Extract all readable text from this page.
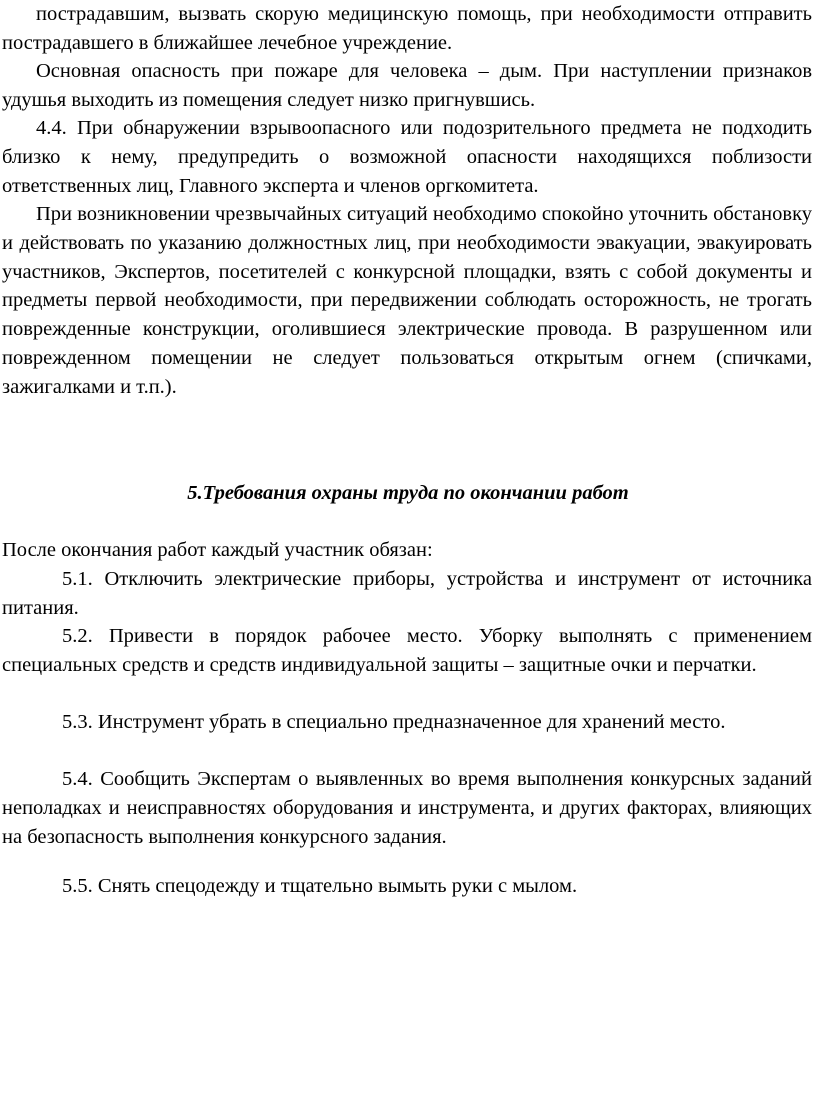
пострадавшим, вызвать скорую медицинскую помощь, при необходимости отправить пострадавшего в ближайшее лечебное учреждение.

Основная опасность при пожаре для человека – дым. При наступлении признаков удушья выходить из помещения следует низко пригнувшись.

4.4. При обнаружении взрывоопасного или подозрительного предмета не подходить близко к нему, предупредить о возможной опасности находящихся поблизости ответственных лиц, Главного эксперта и членов оргкомитета.

При возникновении чрезвычайных ситуаций необходимо спокойно уточнить обстановку и действовать по указанию должностных лиц, при необходимости эвакуации, эвакуировать участников, Экспертов, посетителей с конкурсной площадки, взять с собой документы и предметы первой необходимости, при передвижении соблюдать осторожность, не трогать поврежденные конструкции, оголившиеся электрические провода. В разрушенном или поврежденном помещении не следует пользоваться открытым огнем (спичками, зажигалками и т.п.).

5.Требования охраны труда по окончании работ

После окончания работ каждый участник обязан:

5.1. Отключить электрические приборы, устройства и инструмент от источника питания.

5.2. Привести в порядок рабочее место. Уборку выполнять с применением специальных средств и средств индивидуальной защиты – защитные очки и перчатки.

5.3. Инструмент убрать в специально предназначенное для хранений место.

5.4. Сообщить Экспертам о выявленных во время выполнения конкурсных заданий неполадках и неисправностях оборудования и инструмента, и других факторах, влияющих на безопасность выполнения конкурсного задания.

5.5. Снять спецодежду и тщательно вымыть руки с мылом.
